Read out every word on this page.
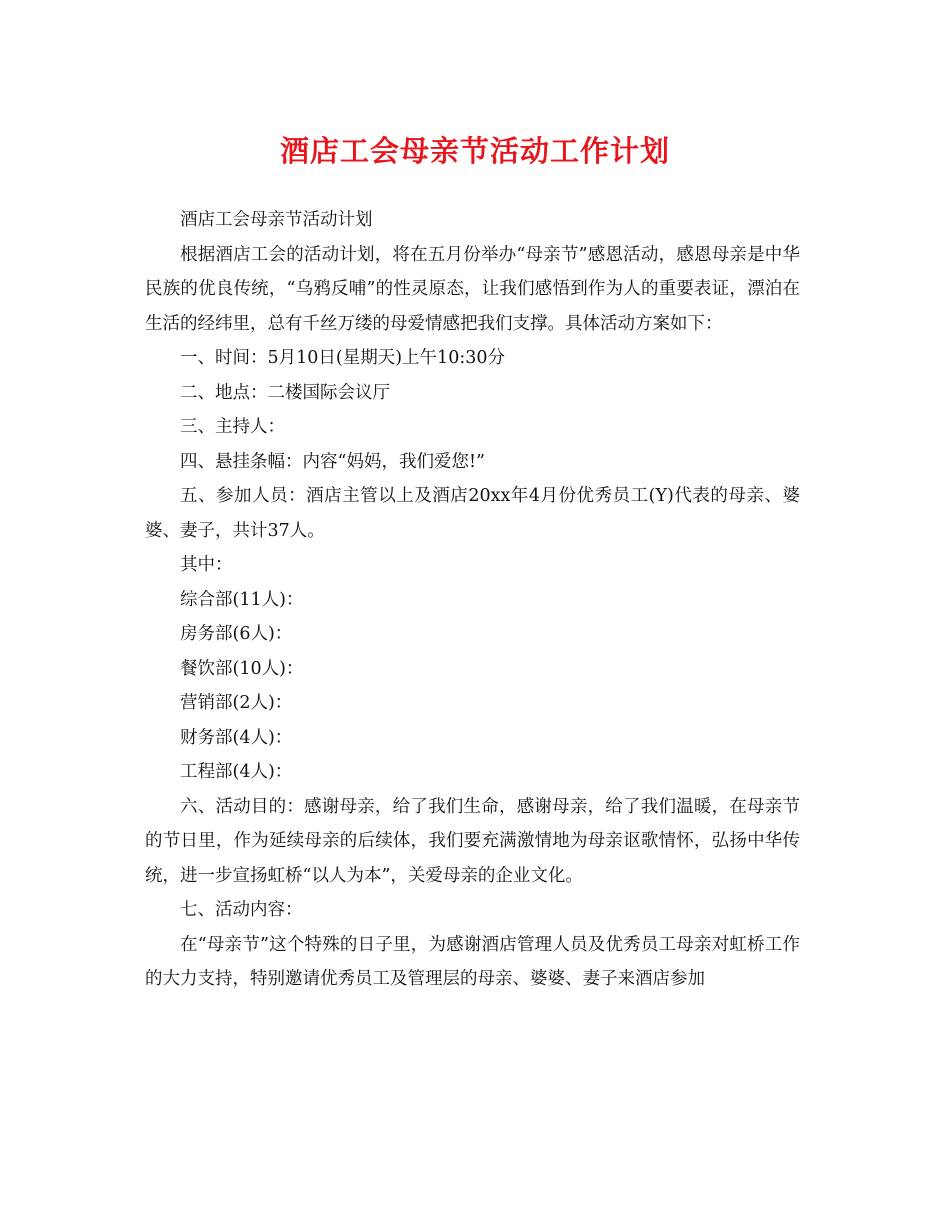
酒店工会母亲节活动工作计划

酒店工会母亲节活动计划

根据酒店工会的活动计划，将在五月份举办“母亲节”感恩活动，感恩母亲是中华民族的优良传统，“乌鸦反哺”的性灵原态，让我们感悟到作为人的重要表证，漂泊在生活的经纬里，总有千丝万缕的母爱情感把我们支撑。具体活动方案如下：

一、时间：5月10日(星期天)上午10:30分

二、地点：二楼国际会议厅

三、主持人：

四、悬挂条幅：内容“妈妈，我们爱您!”

五、参加人员：酒店主管以上及酒店20xx年4月份优秀员工(Y)代表的母亲、婆婆、妻子，共计37人。

其中：

综合部(11人)：

房务部(6人)：

餐饮部(10人)：

营销部(2人)：

财务部(4人)：

工程部(4人)：

六、活动目的：感谢母亲，给了我们生命，感谢母亲，给了我们温暖，在母亲节的节日里，作为延续母亲的后续体，我们要充满激情地为母亲讴歌情怀，弘扬中华传统，进一步宣扬虹桥“以人为本”，关爱母亲的企业文化。

七、活动内容：

在“母亲节”这个特殊的日子里，为感谢酒店管理人员及优秀员工母亲对虹桥工作的大力支持，特别邀请优秀员工及管理层的母亲、婆婆、妻子来酒店参加
